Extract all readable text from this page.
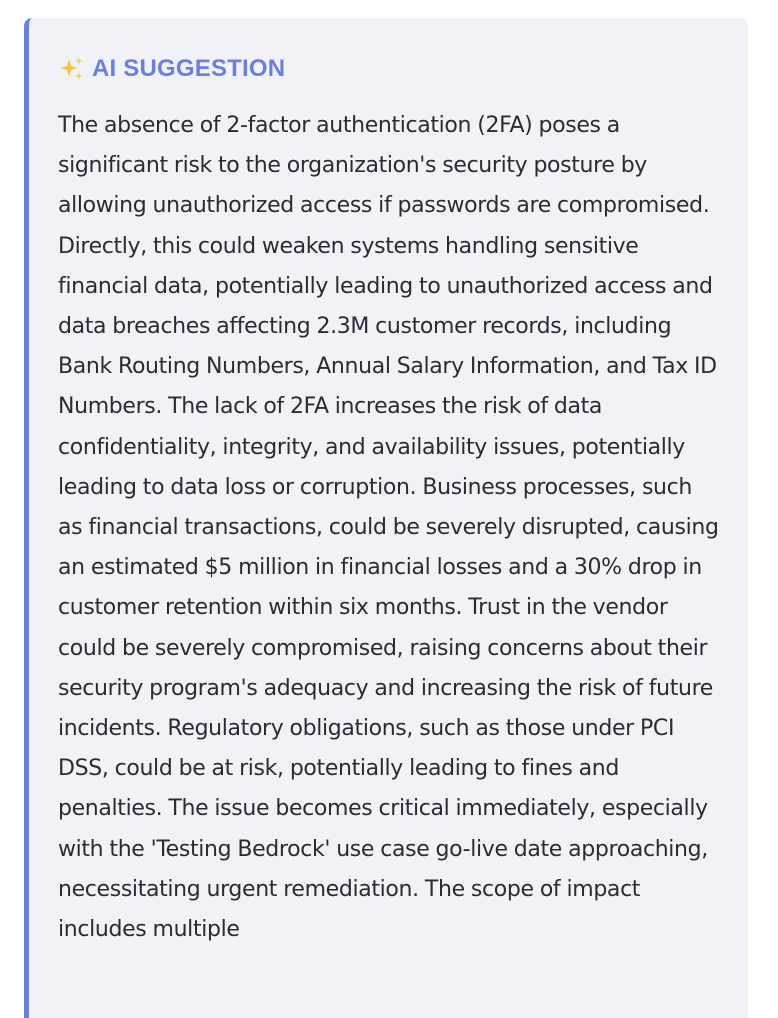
AI SUGGESTION
The absence of 2-factor authentication (2FA) poses a significant risk to the organization's security posture by allowing unauthorized access if passwords are compromised. Directly, this could weaken systems handling sensitive financial data, potentially leading to unauthorized access and data breaches affecting 2.3M customer records, including Bank Routing Numbers, Annual Salary Information, and Tax ID Numbers. The lack of 2FA increases the risk of data confidentiality, integrity, and availability issues, potentially leading to data loss or corruption. Business processes, such as financial transactions, could be severely disrupted, causing an estimated $5 million in financial losses and a 30% drop in customer retention within six months. Trust in the vendor could be severely compromised, raising concerns about their security program's adequacy and increasing the risk of future incidents. Regulatory obligations, such as those under PCI DSS, could be at risk, potentially leading to fines and penalties. The issue becomes critical immediately, especially with the 'Testing Bedrock' use case go-live date approaching, necessitating urgent remediation. The scope of impact includes multiple
